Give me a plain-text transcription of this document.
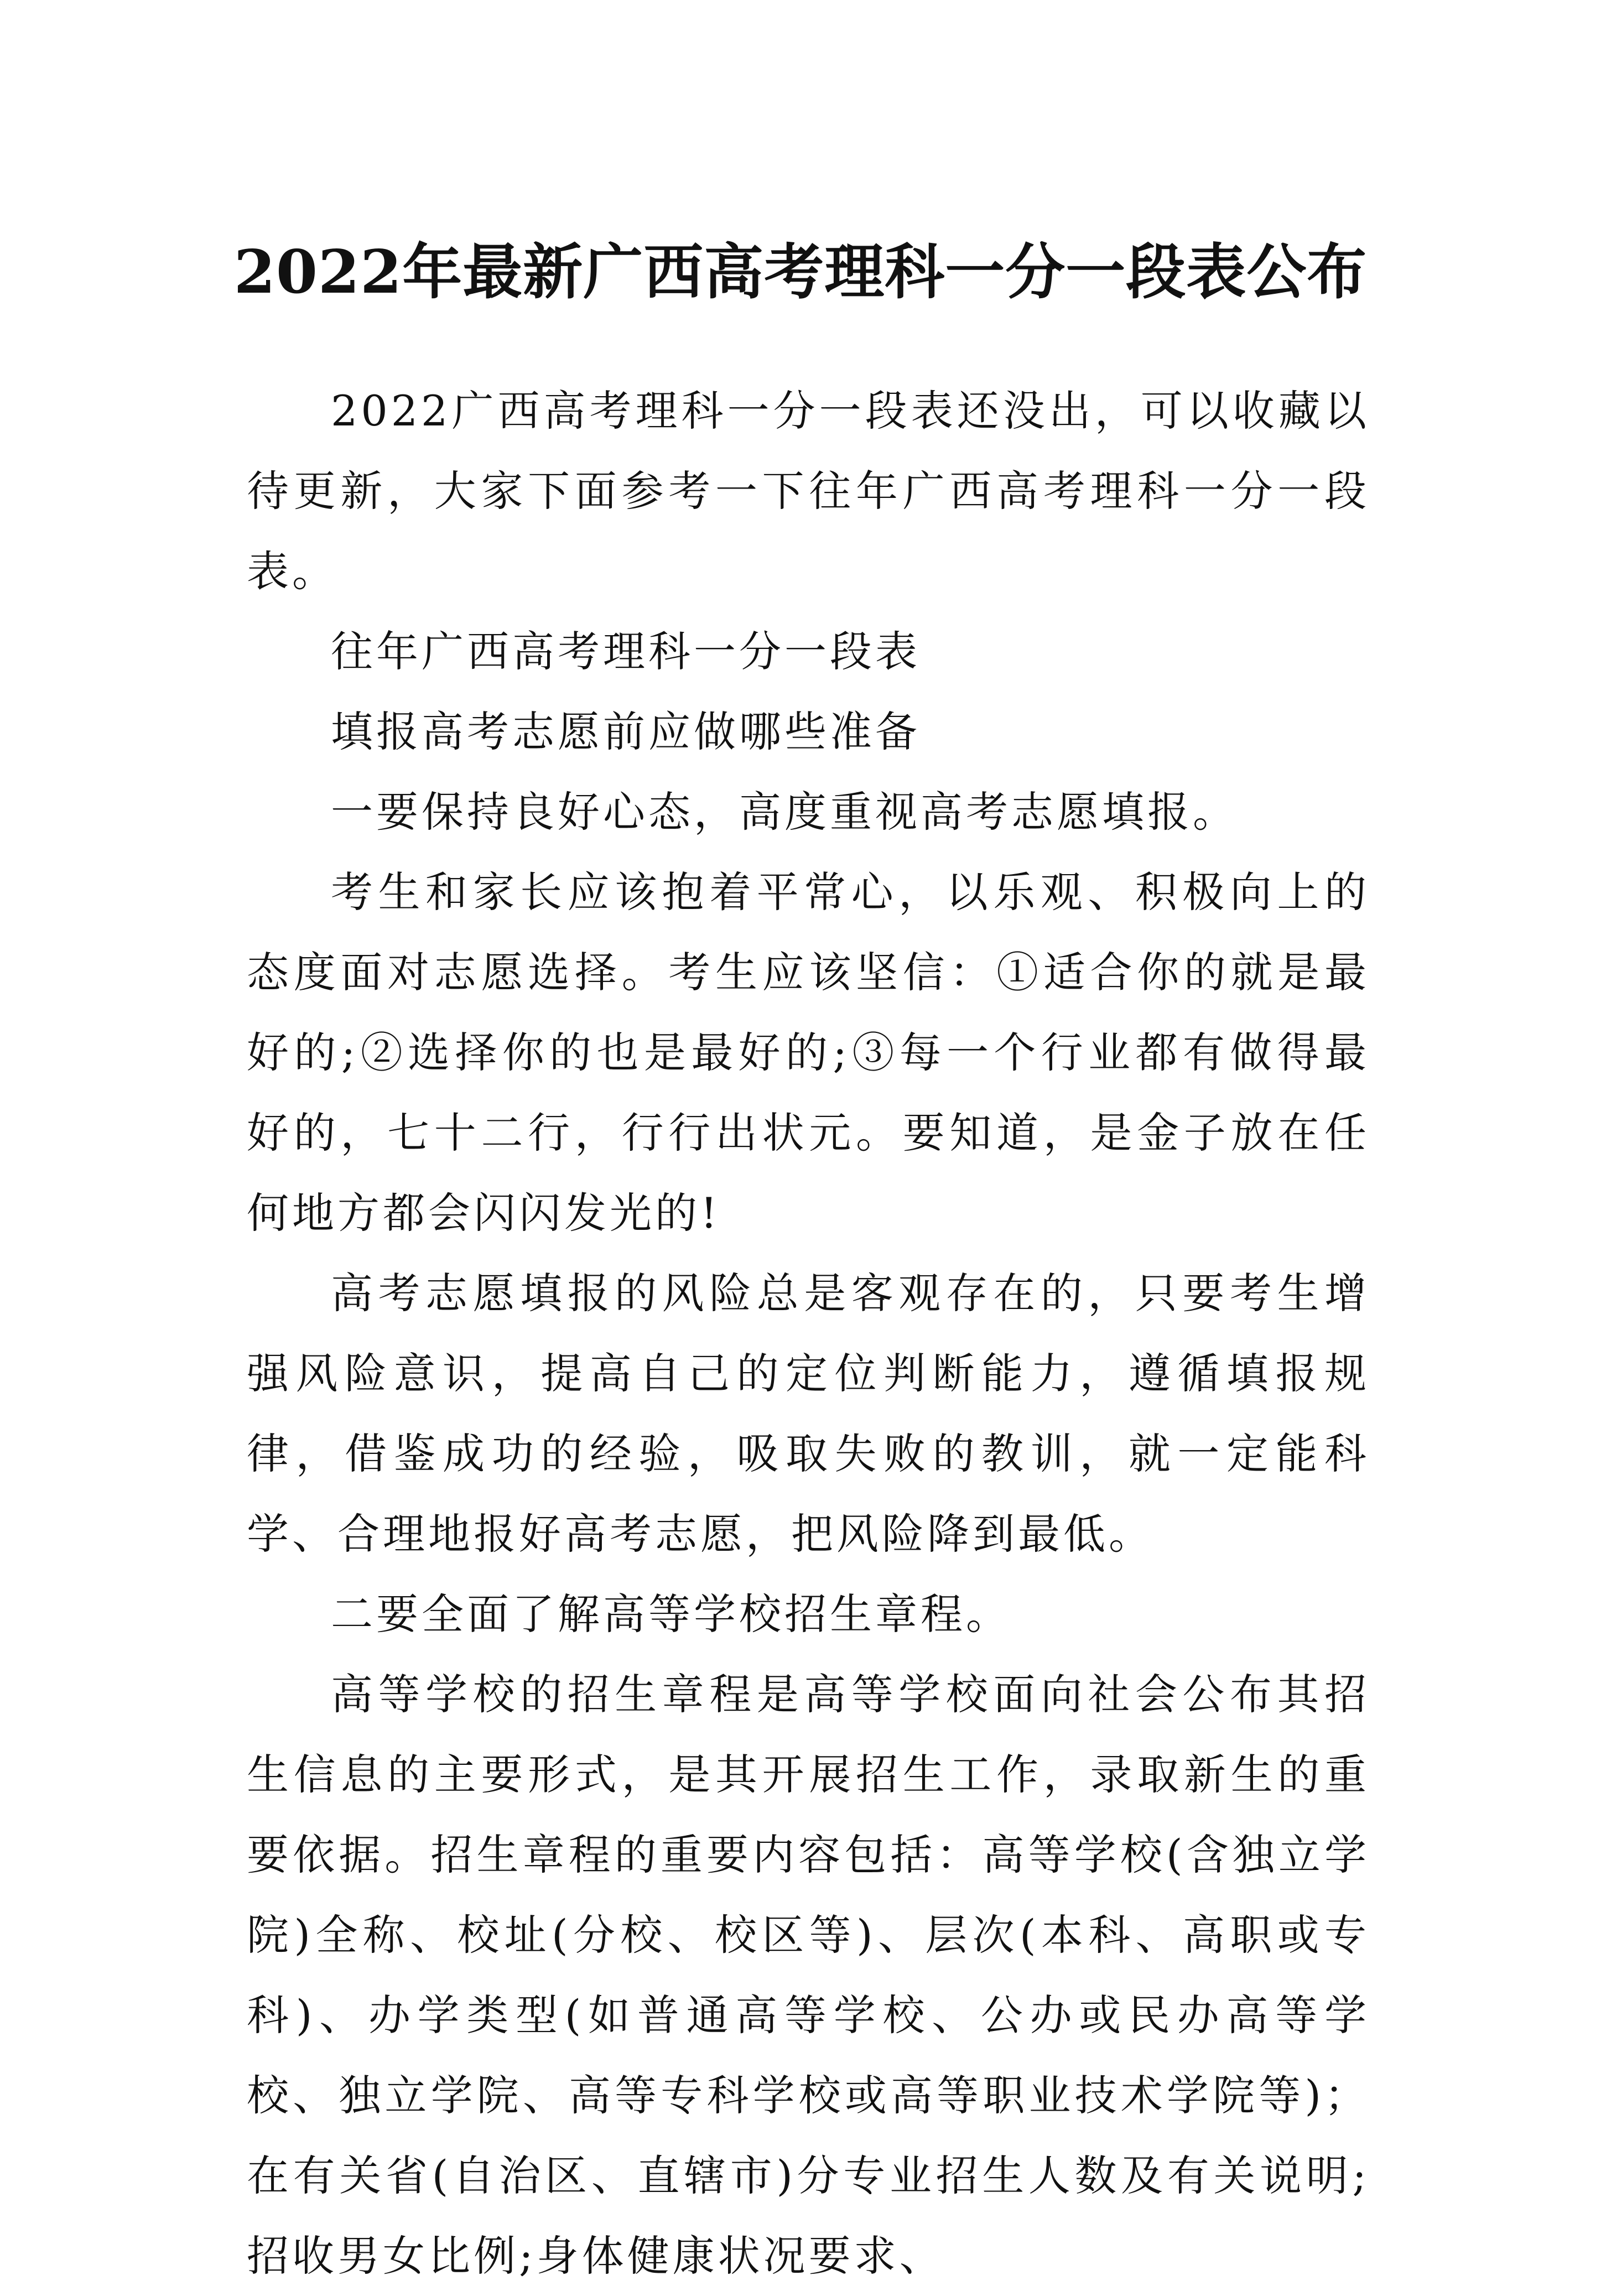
2022年最新广西高考理科一分一段表公布

2022广西高考理科一分一段表还没出，可以收藏以待更新，大家下面参考一下往年广西高考理科一分一段表。

往年广西高考理科一分一段表

填报高考志愿前应做哪些准备

一要保持良好心态，高度重视高考志愿填报。

考生和家长应该抱着平常心，以乐观、积极向上的态度面对志愿选择。考生应该坚信：①适合你的就是最好的;②选择你的也是最好的;③每一个行业都有做得最好的，七十二行，行行出状元。要知道，是金子放在任何地方都会闪闪发光的!

高考志愿填报的风险总是客观存在的，只要考生增强风险意识，提高自己的定位判断能力，遵循填报规律，借鉴成功的经验，吸取失败的教训，就一定能科学、合理地报好高考志愿，把风险降到最低。

二要全面了解高等学校招生章程。

高等学校的招生章程是高等学校面向社会公布其招生信息的主要形式，是其开展招生工作，录取新生的重要依据。招生章程的重要内容包括：高等学校(含独立学院)全称、校址(分校、校区等)、层次(本科、高职或专科)、办学类型(如普通高等学校、公办或民办高等学校、独立学院、高等专科学校或高等职业技术学院等)；在有关省(自治区、直辖市)分专业招生人数及有关说明;招收男女比例;身体健康状况要求、
